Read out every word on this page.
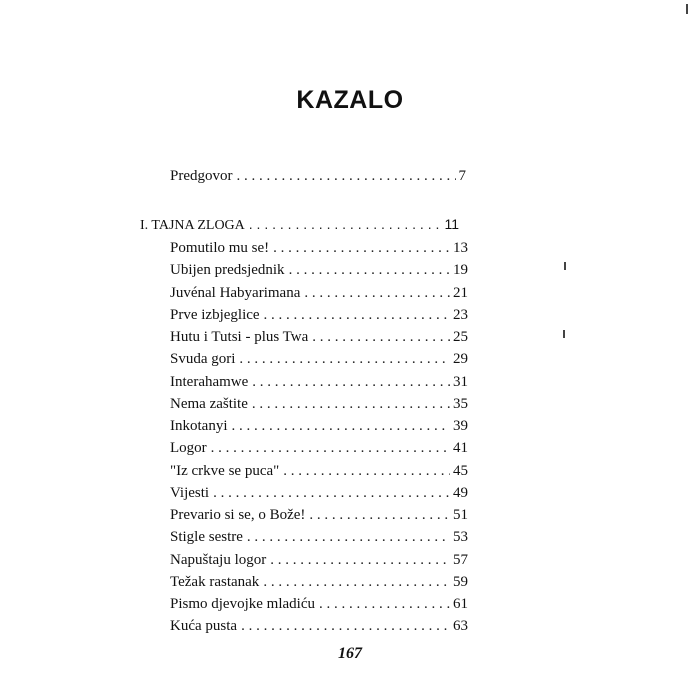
KAZALO
Predgovor . . .	7
I. TAJNA ZLOGA . . .	11
Pomutilo mu se! . . .	13
Ubijen predsjednik . . .	19
Juvénal Habyarimana . . .	21
Prve izbjeglice . . .	23
Hutu i Tutsi - plus Twa . . .	25
Svuda gori . . .	29
Interahamwe . . .	31
Nema zaštite . . .	35
Inkotanyi . . .	39
Logor . . .	41
"Iz crkve se puca" . . .	45
Vijesti . . .	49
Prevario si se, o Bože! . . .	51
Stigle sestre . . .	53
Napuštaju logor . . .	57
Težak rastanak . . .	59
Pismo djevojke mladiću . . .	61
Kuća pusta . . .	63
167
